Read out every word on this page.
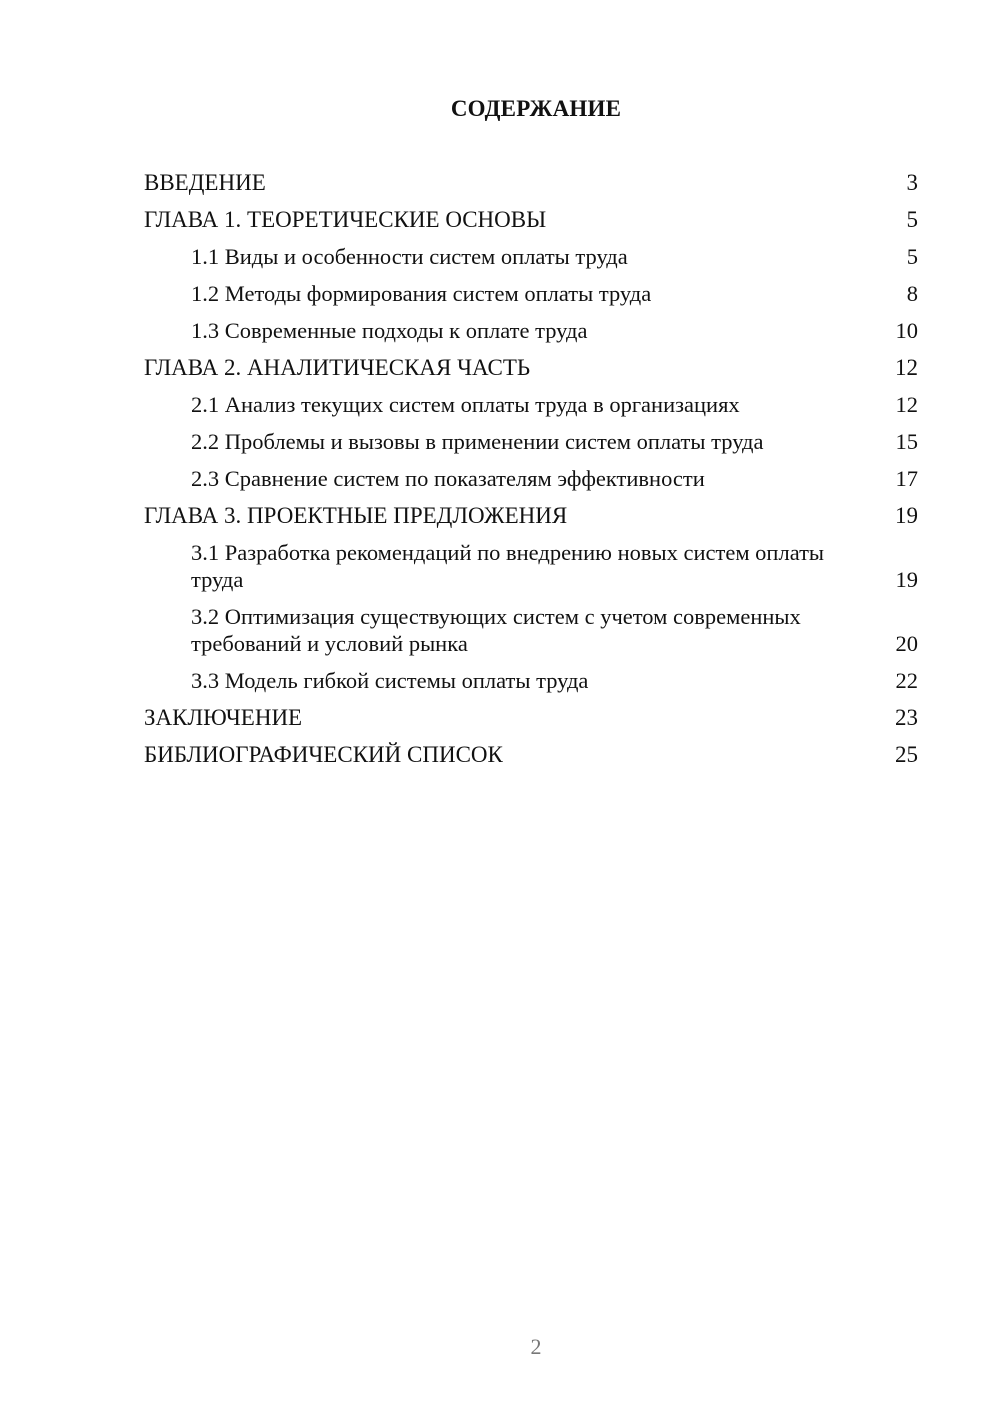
СОДЕРЖАНИЕ
ВВЕДЕНИЕ	3
ГЛАВА 1. ТЕОРЕТИЧЕСКИЕ ОСНОВЫ	5
1.1 Виды и особенности систем оплаты труда	5
1.2 Методы формирования систем оплаты труда	8
1.3 Современные подходы к оплате труда	10
ГЛАВА 2. АНАЛИТИЧЕСКАЯ ЧАСТЬ	12
2.1 Анализ текущих систем оплаты труда в организациях	12
2.2 Проблемы и вызовы в применении систем оплаты труда	15
2.3 Сравнение систем по показателям эффективности	17
ГЛАВА 3. ПРОЕКТНЫЕ ПРЕДЛОЖЕНИЯ	19
3.1 Разработка рекомендаций по внедрению новых систем оплаты труда	19
3.2 Оптимизация существующих систем с учетом современных требований и условий рынка	20
3.3 Модель гибкой системы оплаты труда	22
ЗАКЛЮЧЕНИЕ	23
БИБЛИОГРАФИЧЕСКИЙ СПИСОК	25
2
